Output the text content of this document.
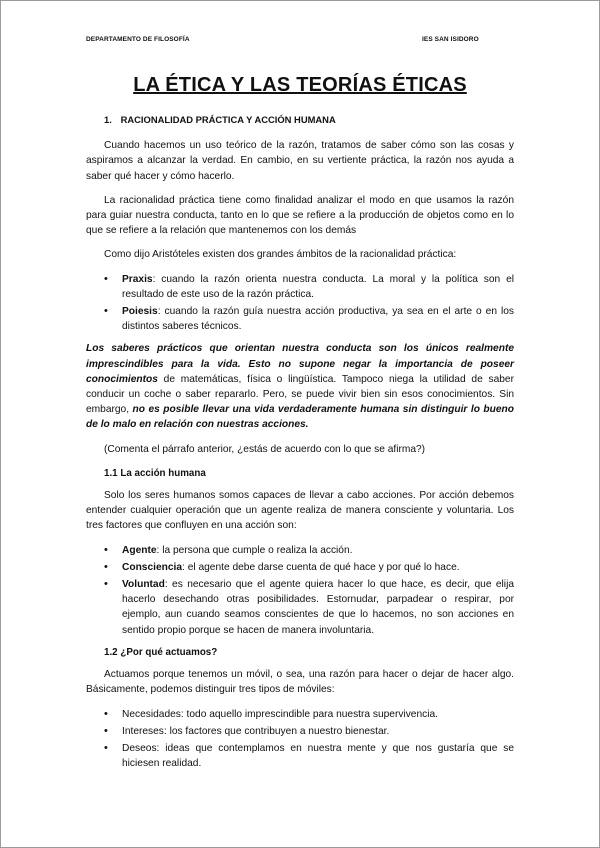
DEPARTAMENTO DE FILOSOFÍA	IES SAN ISIDORO
LA ÉTICA Y LAS TEORÍAS ÉTICAS
1. RACIONALIDAD PRÁCTICA Y ACCIÓN HUMANA

Cuando hacemos un uso teórico de la razón, tratamos de saber cómo son las cosas y aspiramos a alcanzar la verdad. En cambio, en su vertiente práctica, la razón nos ayuda a saber qué hacer y cómo hacerlo.

La racionalidad práctica tiene como finalidad analizar el modo en que usamos la razón para guiar nuestra conducta, tanto en lo que se refiere a la producción de objetos como en lo que se refiere a la relación que mantenemos con los demás

Como dijo Aristóteles existen dos grandes ámbitos de la racionalidad práctica:

• Praxis: cuando la razón orienta nuestra conducta. La moral y la política son el resultado de este uso de la razón práctica.
• Poiesis: cuando la razón guía nuestra acción productiva, ya sea en el arte o en los distintos saberes técnicos.

Los saberes prácticos que orientan nuestra conducta son los únicos realmente imprescindibles para la vida. Esto no supone negar la importancia de poseer conocimientos de matemáticas, física o lingüística. Tampoco niega la utilidad de saber conducir un coche o saber repararlo. Pero, se puede vivir bien sin esos conocimientos. Sin embargo, no es posible llevar una vida verdaderamente humana sin distinguir lo bueno de lo malo en relación con nuestras acciones.

(Comenta el párrafo anterior, ¿estás de acuerdo con lo que se afirma?)

1.1 La acción humana

Solo los seres humanos somos capaces de llevar a cabo acciones. Por acción debemos entender cualquier operación que un agente realiza de manera consciente y voluntaria. Los tres factores que confluyen en una acción son:

• Agente: la persona que cumple o realiza la acción.
• Consciencia: el agente debe darse cuenta de qué hace y por qué lo hace.
• Voluntad: es necesario que el agente quiera hacer lo que hace, es decir, que elija hacerlo desechando otras posibilidades. Estornudar, parpadear o respirar, por ejemplo, aun cuando seamos conscientes de que lo hacemos, no son acciones en sentido propio porque se hacen de manera involuntaria.
1.2 ¿Por qué actuamos?

Actuamos porque tenemos un móvil, o sea, una razón para hacer o dejar de hacer algo. Básicamente, podemos distinguir tres tipos de móviles:

• Necesidades: todo aquello imprescindible para nuestra supervivencia.
• Intereses: los factores que contribuyen a nuestro bienestar.
• Deseos: ideas que contemplamos en nuestra mente y que nos gustaría que se hiciesen realidad.
